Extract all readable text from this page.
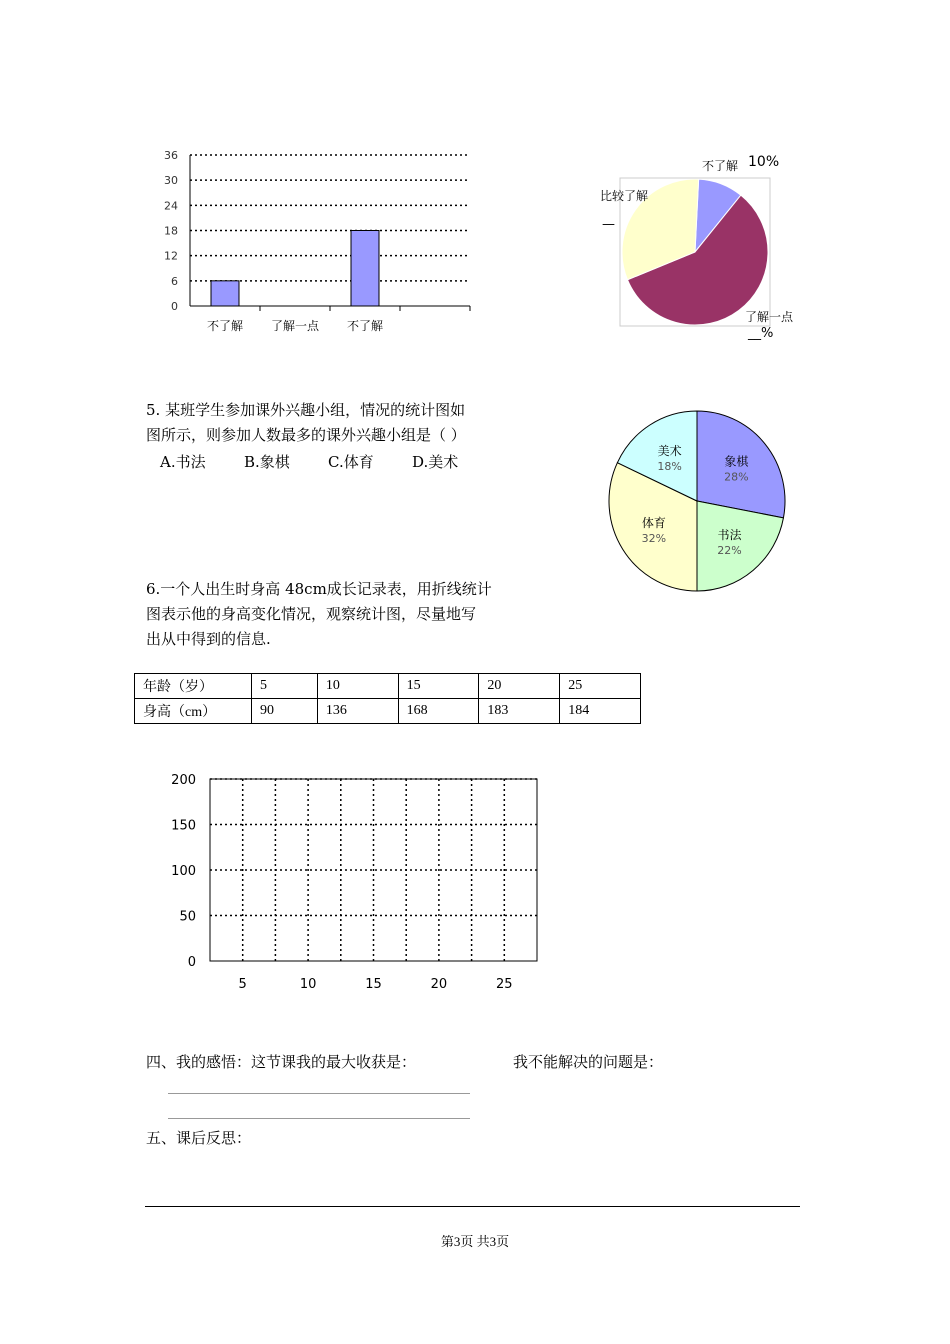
0
6
12
18
24
30
36
不了解 了解一点 不了解
不了解 10%
比较了解
—
了解一点
__%
5. 某班学生参加课外兴趣小组，情况的统计图如
图所示，则参加人数最多的课外兴趣小组是（ ）
A.书法	B.象棋	C.体育	D.美术	象棋
28%
书法
22%
体育
32%
美术
18%
6.一个人出生时身高 48cm成长记录表，用折线统计
图表示他的身高变化情况，观察统计图，尽量地写
出从中得到的信息.
年龄（岁）	5	10	15	20	25
身高（cm）	90	136	168	183	184
0
50
100
150
200
5	10	15	20	25
四、我的感悟：这节课我的最大收获是：	我不能解决的问题是：
五、课后反思：
第3页 共3页
